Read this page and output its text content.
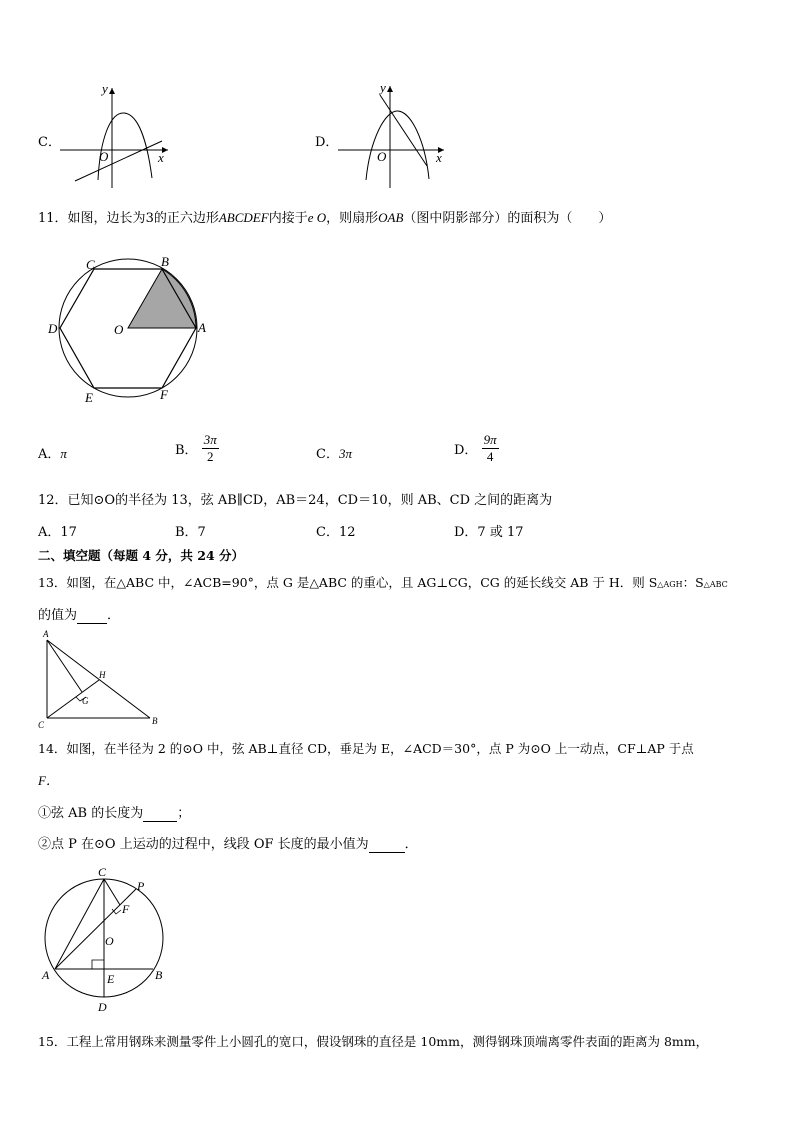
C．
y
x
O
D．
y
x
O
11．如图，边长为3的正六边形ABCDEF内接于e O，则扇形OAB（图中阴影部分）的面积为（　　）
A
B
C
D
E	F
O
A．π	B． $\frac{3\pi}{2}$	C．3π	D． $\frac{9\pi}{4}$
12．已知⊙O的半径为 13，弦 AB∥CD，AB＝24，CD＝10，则 AB、CD 之间的距离为
A．17	B．7	C．12	D．7 或 17
二、填空题（每题 4 分，共 24 分）
13．如图，在△ABC 中，∠ACB=90°，点 G 是△ABC 的重心，且 AG⊥CG，CG 的延长线交 AB 于 H．则 S△AGH：S△ABC
的值为 ．
A
B
C
G
H
14．如图，在半径为 2 的⊙O 中，弦 AB⊥直径 CD，垂足为 E，∠ACD＝30°，点 P 为⊙O 上一动点，CF⊥AP 于点
F．
①弦 AB 的长度为	；
②点 P 在⊙O 上运动的过程中，线段 OF 长度的最小值为	．
C
P
F
O
A	E	B
D
15．工程上常用钢珠来测量零件上小圆孔的宽口，假设钢珠的直径是 10mm，测得钢珠顶端离零件表面的距离为 8mm，
